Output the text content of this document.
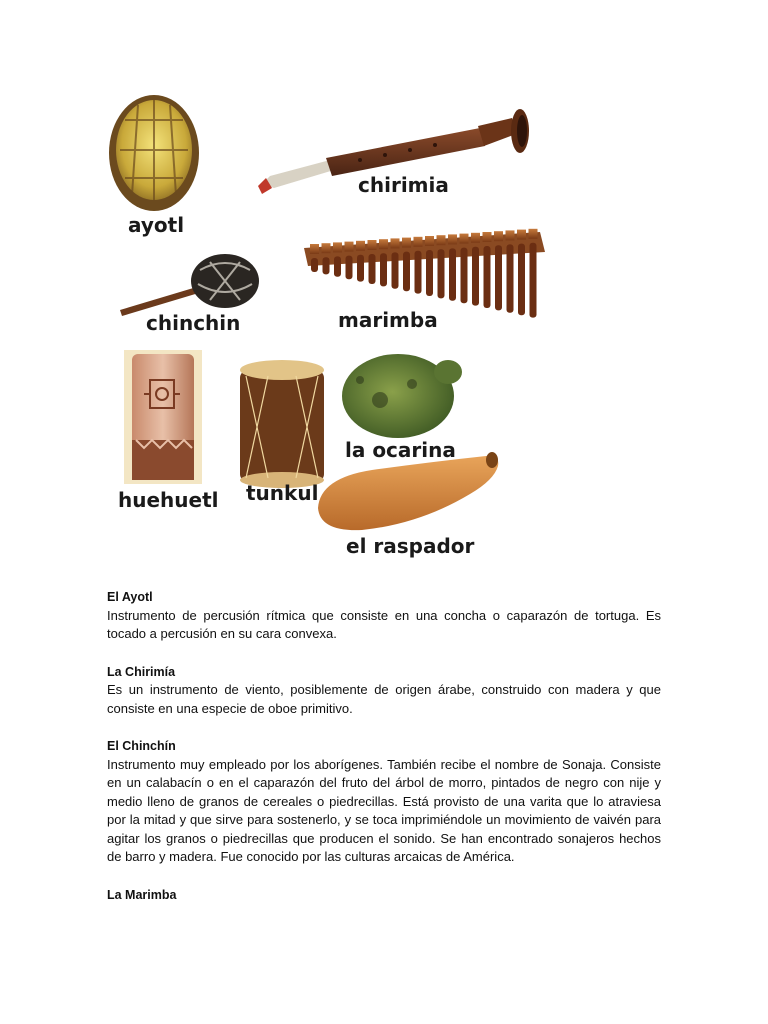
ayotl
chirimia
chinchin	marimba
huehuetl tunkul
la ocarina
el raspador
El Ayotl

Instrumento de percusión rítmica que consiste en una concha o caparazón de tortuga. Es tocado a percusión en su cara convexa.

La Chirimía

Es un instrumento de viento, posiblemente de origen árabe, construido con madera y que consiste en una especie de oboe primitivo.

El Chinchín

Instrumento muy empleado por los aborígenes. También recibe el nombre de Sonaja. Consiste en un calabacín o en el caparazón del fruto del árbol de morro, pintados de negro con nije y medio lleno de granos de cereales o piedrecillas. Está provisto de una varita que lo atraviesa por la mitad y que sirve para sostenerlo, y se toca imprimiéndole un movimiento de vaivén para agitar los granos o piedrecillas que producen el sonido. Se han encontrado sonajeros hechos de barro y madera. Fue conocido por las culturas arcaicas de América.

La Marimba
